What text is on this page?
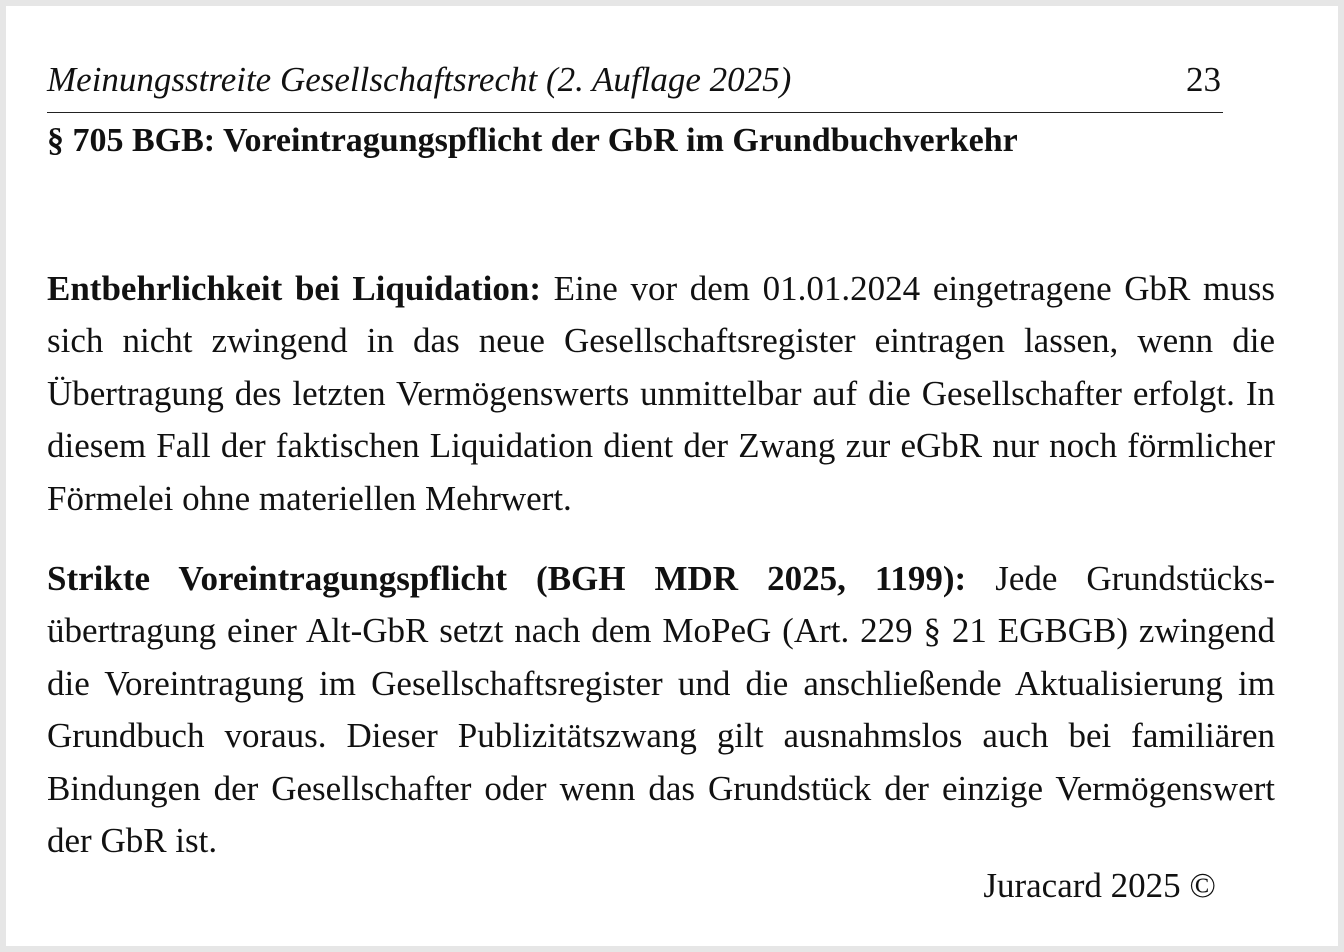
Meinungsstreite Gesellschaftsrecht (2. Auflage 2025)	23
§ 705 BGB: Voreintragungspflicht der GbR im Grundbuchverkehr

Entbehrlichkeit bei Liquidation: Eine vor dem 01.01.2024 eingetragene GbR muss sich nicht zwingend in das neue Gesellschaftsregister eintragen lassen, wenn die Übertragung des letzten Vermögenswerts unmittelbar auf die Gesellschafter erfolgt. In diesem Fall der faktischen Liquidation dient der Zwang zur eGbR nur noch förmlicher Förmelei ohne materiellen Mehrwert.

Strikte Voreintragungspflicht (BGH MDR 2025, 1199): Jede Grundstücksübertragung einer Alt-GbR setzt nach dem MoPeG (Art. 229 § 21 EGBGB) zwingend die Voreintragung im Gesellschaftsregister und die anschließende Aktualisierung im Grundbuch voraus. Dieser Publizitätszwang gilt ausnahmslos auch bei familiären Bindungen der Gesellschafter oder wenn das Grundstück der einzige Vermögenswert der GbR ist.

Juracard 2025 ©
